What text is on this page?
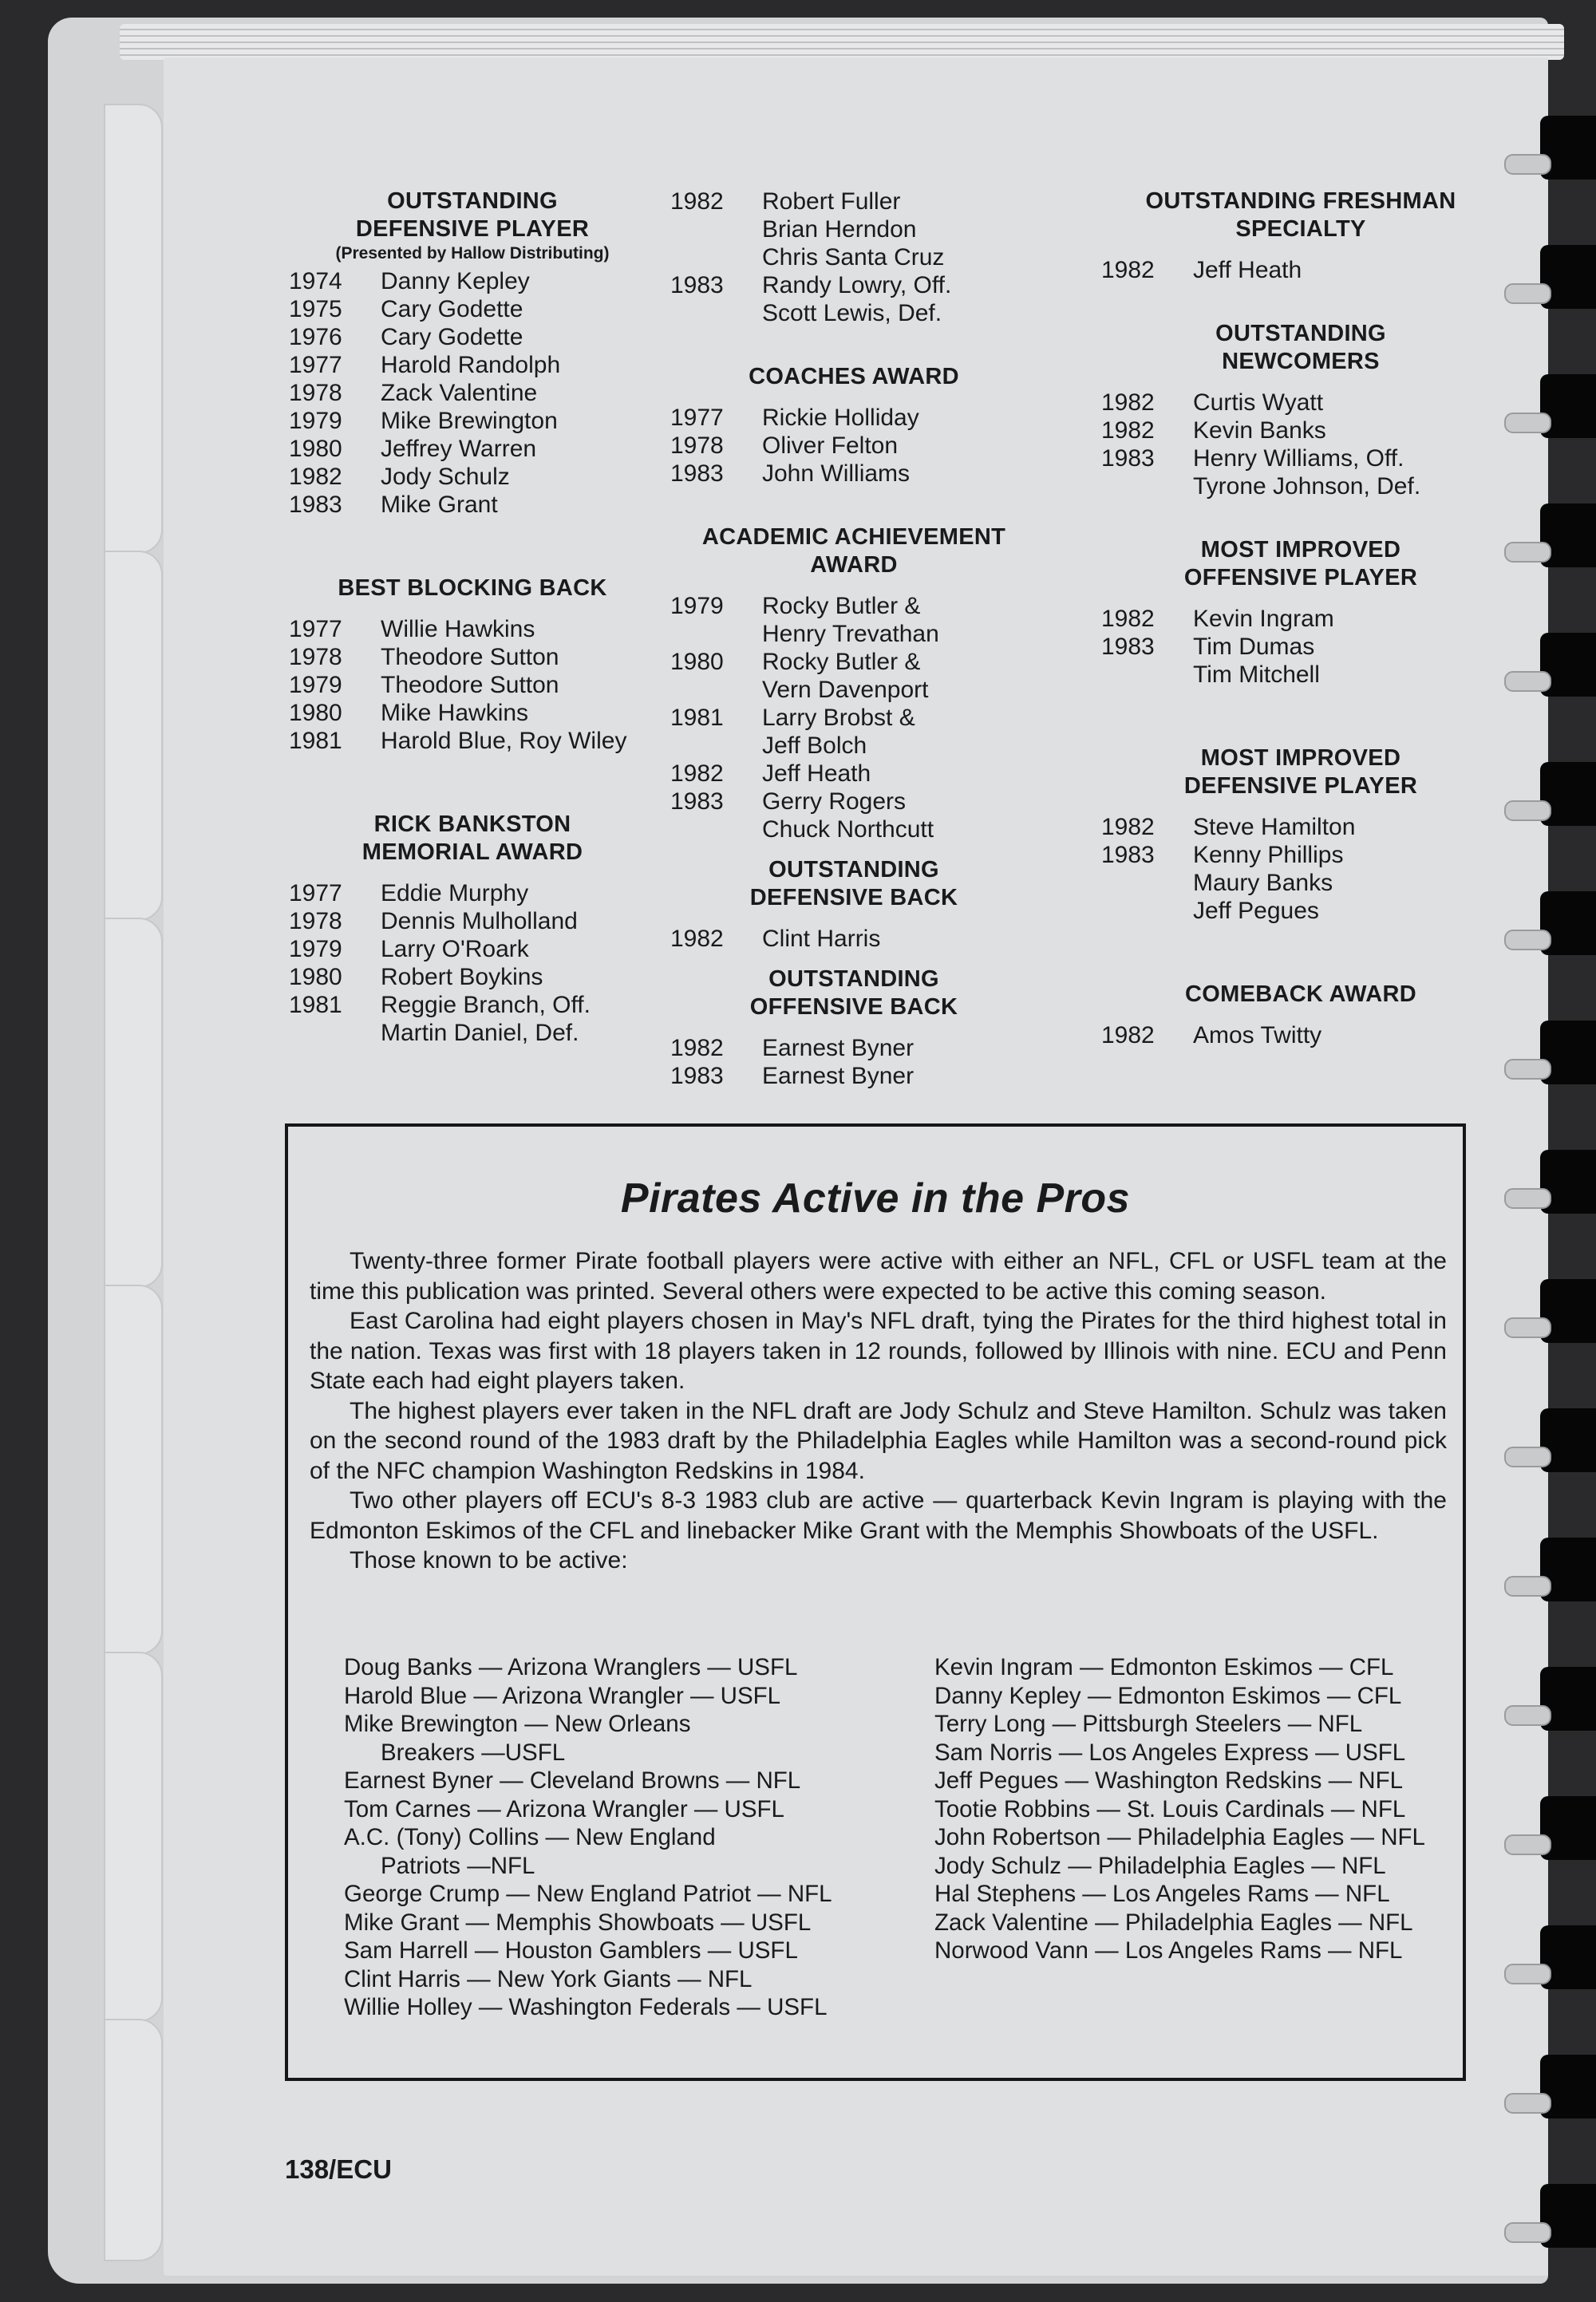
OUTSTANDING
DEFENSIVE PLAYER
(Presented by Hallow Distributing)
1974	Danny Kepley
1975	Cary Godette
1976	Cary Godette
1977	Harold Randolph
1978	Zack Valentine
1979	Mike Brewington
1980	Jeffrey Warren
1982	Jody Schulz
1983	Mike Grant
BEST BLOCKING BACK
1977	Willie Hawkins
1978	Theodore Sutton
1979	Theodore Sutton
1980	Mike Hawkins
1981	Harold Blue, Roy Wiley
RICK BANKSTON
MEMORIAL AWARD
1977	Eddie Murphy
1978	Dennis Mulholland
1979	Larry O'Roark
1980	Robert Boykins
1981	Reggie Branch, Off.
Martin Daniel, Def.
1982	Robert Fuller
Brian Herndon
Chris Santa Cruz
1983	Randy Lowry, Off.
Scott Lewis, Def.
COACHES AWARD
1977	Rickie Holliday
1978	Oliver Felton
1983	John Williams
ACADEMIC ACHIEVEMENT
AWARD
1979	Rocky Butler &
Henry Trevathan
1980	Rocky Butler &
Vern Davenport
1981	Larry Brobst &
Jeff Bolch
1982	Jeff Heath
1983	Gerry Rogers
Chuck Northcutt
OUTSTANDING
DEFENSIVE BACK
1982	Clint Harris
OUTSTANDING
OFFENSIVE BACK
1982	Earnest Byner
1983	Earnest Byner
OUTSTANDING FRESHMAN
SPECIALTY
1982	Jeff Heath
OUTSTANDING
NEWCOMERS
1982	Curtis Wyatt
1982	Kevin Banks
1983	Henry Williams, Off.
Tyrone Johnson, Def.
MOST IMPROVED
OFFENSIVE PLAYER
1982	Kevin Ingram
1983	Tim Dumas
Tim Mitchell
MOST IMPROVED
DEFENSIVE PLAYER
1982	Steve Hamilton
1983	Kenny Phillips
Maury Banks
Jeff Pegues
COMEBACK AWARD
1982	Amos Twitty
Pirates Active in the Pros

Twenty-three former Pirate football players were active with either an NFL, CFL or USFL team at the time this publication was printed. Several others were expected to be active this coming season.

East Carolina had eight players chosen in May's NFL draft, tying the Pirates for the third highest total in the nation. Texas was first with 18 players taken in 12 rounds, followed by Illinois with nine. ECU and Penn State each had eight players taken.

The highest players ever taken in the NFL draft are Jody Schulz and Steve Hamilton. Schulz was taken on the second round of the 1983 draft by the Philadelphia Eagles while Hamilton was a second-round pick of the NFC champion Washington Redskins in 1984.

Two other players off ECU's 8-3 1983 club are active — quarterback Kevin Ingram is playing with the Edmonton Eskimos of the CFL and linebacker Mike Grant with the Memphis Showboats of the USFL.

Those known to be active:

Doug Banks — Arizona Wranglers — USFL
Harold Blue — Arizona Wrangler — USFL
Mike Brewington — New Orleans
Breakers —USFL
Earnest Byner — Cleveland Browns — NFL
Tom Carnes — Arizona Wrangler — USFL
A.C. (Tony) Collins — New England
Patriots —NFL
George Crump — New England Patriot — NFL
Mike Grant — Memphis Showboats — USFL
Sam Harrell — Houston Gamblers — USFL
Clint Harris — New York Giants — NFL
Willie Holley — Washington Federals — USFL
Kevin Ingram — Edmonton Eskimos — CFL
Danny Kepley — Edmonton Eskimos — CFL
Terry Long — Pittsburgh Steelers — NFL
Sam Norris — Los Angeles Express — USFL
Jeff Pegues — Washington Redskins — NFL
Tootie Robbins — St. Louis Cardinals — NFL
John Robertson — Philadelphia Eagles — NFL
Jody Schulz — Philadelphia Eagles — NFL
Hal Stephens — Los Angeles Rams — NFL
Zack Valentine — Philadelphia Eagles — NFL
Norwood Vann — Los Angeles Rams — NFL
138/ECU
